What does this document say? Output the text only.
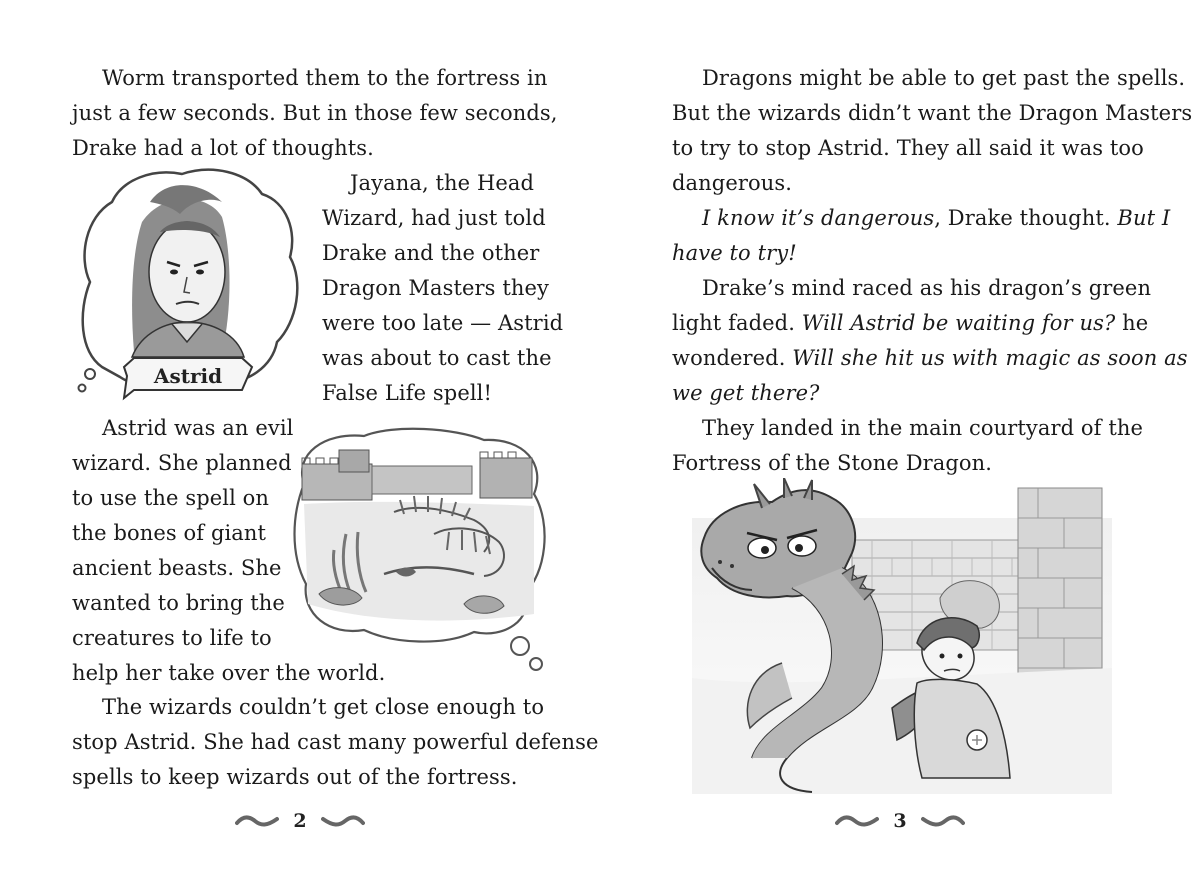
Worm transported them to the fortress in
just a few seconds. But in those few seconds,
Drake had a lot of thoughts.
Astrid
Jayana, the Head
Wizard, had just told
Drake and the other
Dragon Masters they
were too late — Astrid
was about to cast the
False Life spell!
Astrid was an evil
wizard. She planned
to use the spell on
the bones of giant
ancient beasts. She
wanted to bring the
creatures to life to
help her take over the world.
The wizards couldn’t get close enough to
stop Astrid. She had cast many powerful defense
spells to keep wizards out of the fortress.
2
Dragons might be able to get past the spells.
But the wizards didn’t want the Dragon Masters
to try to stop Astrid. They all said it was too
dangerous.
I know it’s dangerous, Drake thought. But I
have to try!
Drake’s mind raced as his dragon’s green
light faded. Will Astrid be waiting for us? he
wondered. Will she hit us with magic as soon as
we get there?
They landed in the main courtyard of the
Fortress of the Stone Dragon.
3
